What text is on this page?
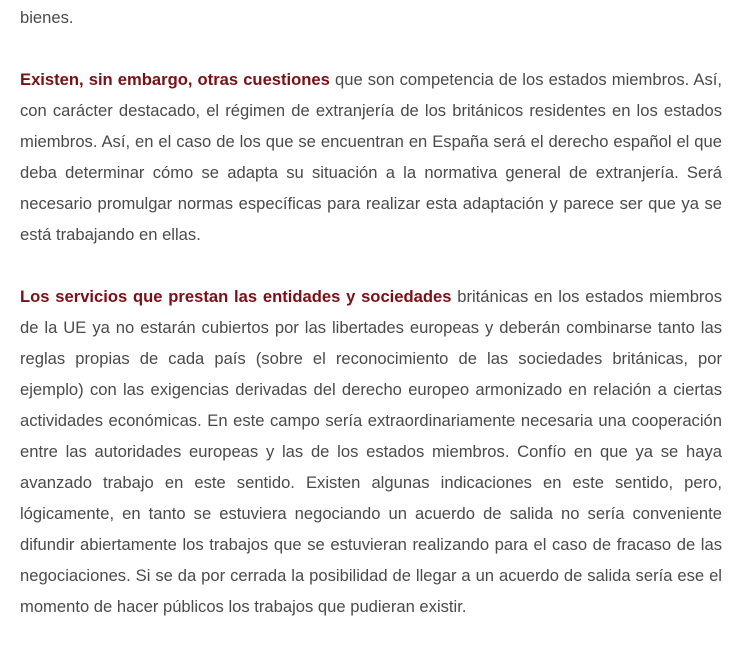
bienes.

Existen, sin embargo, otras cuestiones que son competencia de los estados miembros. Así, con carácter destacado, el régimen de extranjería de los británicos residentes en los estados miembros. Así, en el caso de los que se encuentran en España será el derecho español el que deba determinar cómo se adapta su situación a la normativa general de extranjería. Será necesario promulgar normas específicas para realizar esta adaptación y parece ser que ya se está trabajando en ellas.

Los servicios que prestan las entidades y sociedades británicas en los estados miembros de la UE ya no estarán cubiertos por las libertades europeas y deberán combinarse tanto las reglas propias de cada país (sobre el reconocimiento de las sociedades británicas, por ejemplo) con las exigencias derivadas del derecho europeo armonizado en relación a ciertas actividades económicas. En este campo sería extraordinariamente necesaria una cooperación entre las autoridades europeas y las de los estados miembros. Confío en que ya se haya avanzado trabajo en este sentido. Existen algunas indicaciones en este sentido, pero, lógicamente, en tanto se estuviera negociando un acuerdo de salida no sería conveniente difundir abiertamente los trabajos que se estuvieran realizando para el caso de fracaso de las negociaciones. Si se da por cerrada la posibilidad de llegar a un acuerdo de salida sería ese el momento de hacer públicos los trabajos que pudieran existir.
